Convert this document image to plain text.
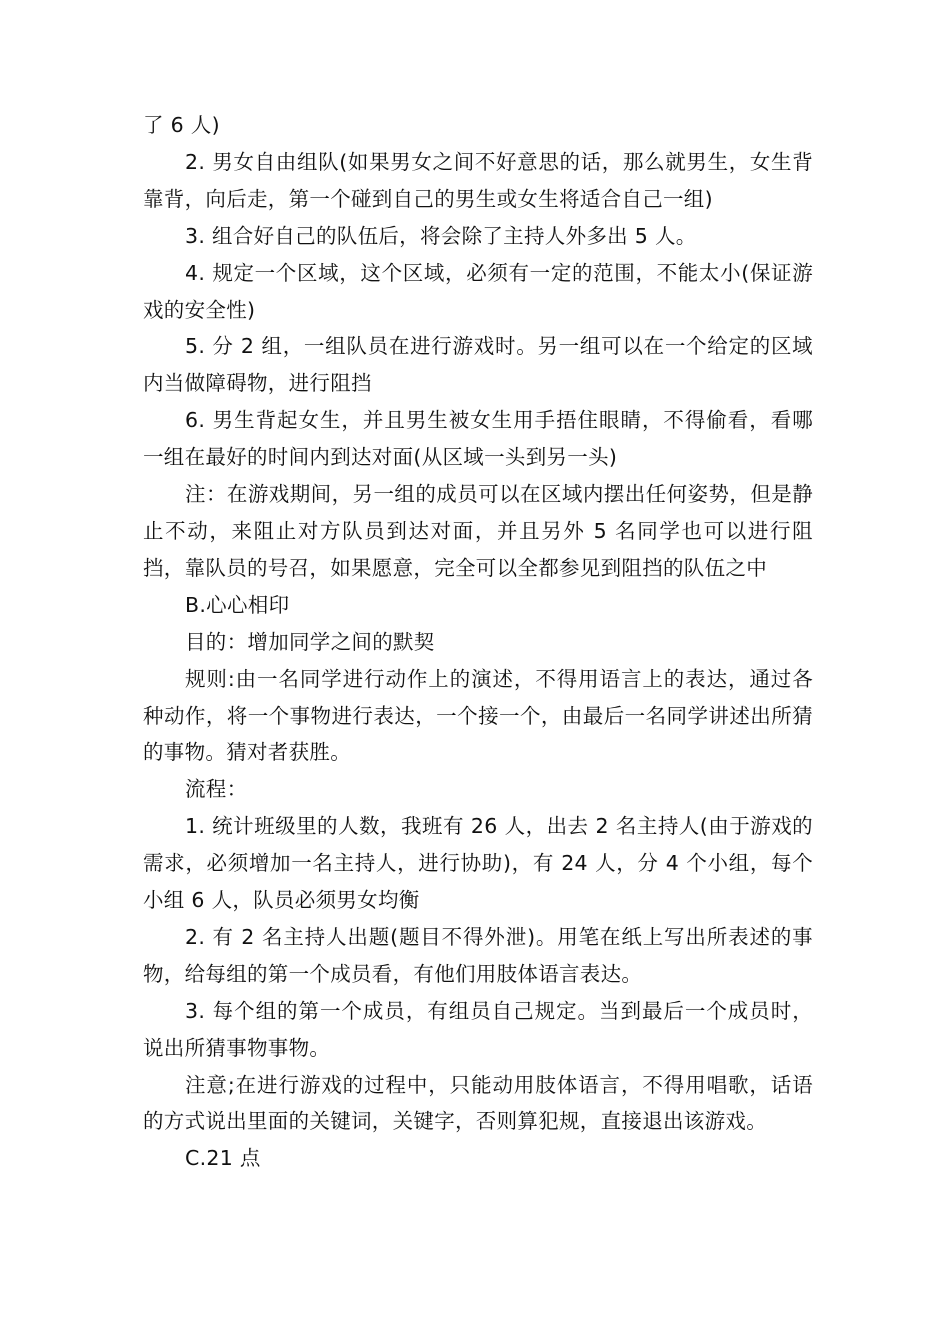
了 6 人)

2. 男女自由组队(如果男女之间不好意思的话，那么就男生，女生背靠背，向后走，第一个碰到自己的男生或女生将适合自己一组)

3. 组合好自己的队伍后，将会除了主持人外多出 5 人。

4. 规定一个区域，这个区域，必须有一定的范围，不能太小(保证游戏的安全性)

5. 分 2 组，一组队员在进行游戏时。另一组可以在一个给定的区域内当做障碍物，进行阻挡

6. 男生背起女生，并且男生被女生用手捂住眼睛，不得偷看，看哪一组在最好的时间内到达对面(从区域一头到另一头)

注：在游戏期间，另一组的成员可以在区域内摆出任何姿势，但是静止不动，来阻止对方队员到达对面，并且另外 5 名同学也可以进行阻挡，靠队员的号召，如果愿意，完全可以全都参见到阻挡的队伍之中

B.心心相印

目的：增加同学之间的默契

规则:由一名同学进行动作上的演述，不得用语言上的表达，通过各种动作，将一个事物进行表达，一个接一个，由最后一名同学讲述出所猜的事物。猜对者获胜。

流程：

1. 统计班级里的人数，我班有 26 人，出去 2 名主持人(由于游戏的需求，必须增加一名主持人，进行协助)，有 24 人，分 4 个小组，每个小组 6 人，队员必须男女均衡

2. 有 2 名主持人出题(题目不得外泄)。用笔在纸上写出所表述的事物，给每组的第一个成员看，有他们用肢体语言表达。

3. 每个组的第一个成员，有组员自己规定。当到最后一个成员时，说出所猜事物事物。

注意;在进行游戏的过程中，只能动用肢体语言，不得用唱歌，话语的方式说出里面的关键词，关键字，否则算犯规，直接退出该游戏。

C.21 点
